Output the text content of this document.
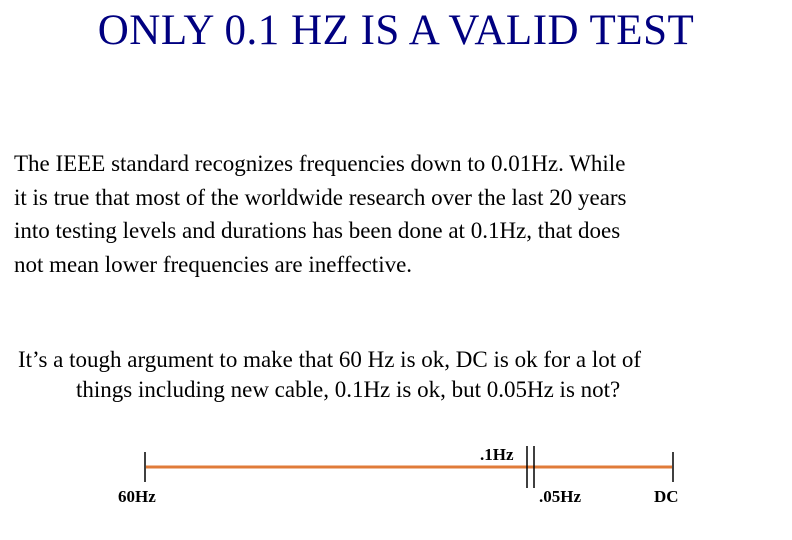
ONLY 0.1 HZ IS A VALID TEST
The IEEE standard recognizes frequencies down to 0.01Hz. While
it is true that most of the worldwide research over the last 20 years
into testing levels and durations has been done at 0.1Hz, that does
not mean lower frequencies are ineffective.
It’s a tough argument to make that 60 Hz is ok, DC is ok for a lot of
things including new cable, 0.1Hz is ok, but 0.05Hz is not?
.1Hz
60Hz	.05Hz	DC
